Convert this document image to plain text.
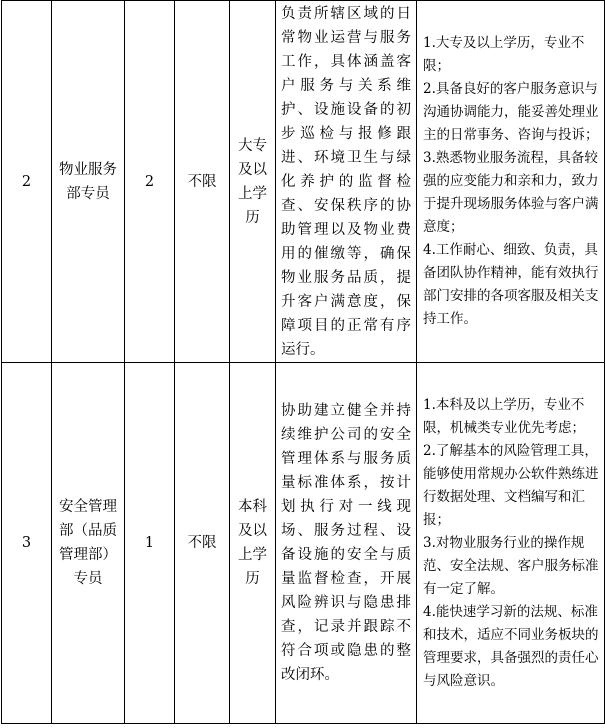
2	物业服务部专员	2	不限	大专及以上学历	负责所辖区域的日常物业运营与服务工作，具体涵盖客户服务与关系维护、设施设备的初步巡检与报修跟进、环境卫生与绿化养护的监督检查、安保秩序的协助管理以及物业费用的催缴等，确保物业服务品质，提升客户满意度，保障项目的正常有序运行。	1.大专及以上学历，专业不限；

2.具备良好的客户服务意识与沟通协调能力，能妥善处理业主的日常事务、咨询与投诉；

3.熟悉物业服务流程，具备较强的应变能力和亲和力，致力于提升现场服务体验与客户满意度；

4.工作耐心、细致、负责，具备团队协作精神，能有效执行部门安排的各项客服及相关支持工作。

3	安全管理部（品质管理部）专员	1	不限	本科及以上学历	协助建立健全并持续维护公司的安全管理体系与服务质量标准体系，按计划执行对一线现场、服务过程、设备设施的安全与质量监督检查，开展风险辨识与隐患排查，记录并跟踪不符合项或隐患的整改闭环。	1.本科及以上学历，专业不限，机械类专业优先考虑；

2.了解基本的风险管理工具，能够使用常规办公软件熟练进行数据处理、文档编写和汇报；

3.对物业服务行业的操作规范、安全法规、客户服务标准有一定了解。

4.能快速学习新的法规、标准和技术，适应不同业务板块的管理要求，具备强烈的责任心与风险意识。
